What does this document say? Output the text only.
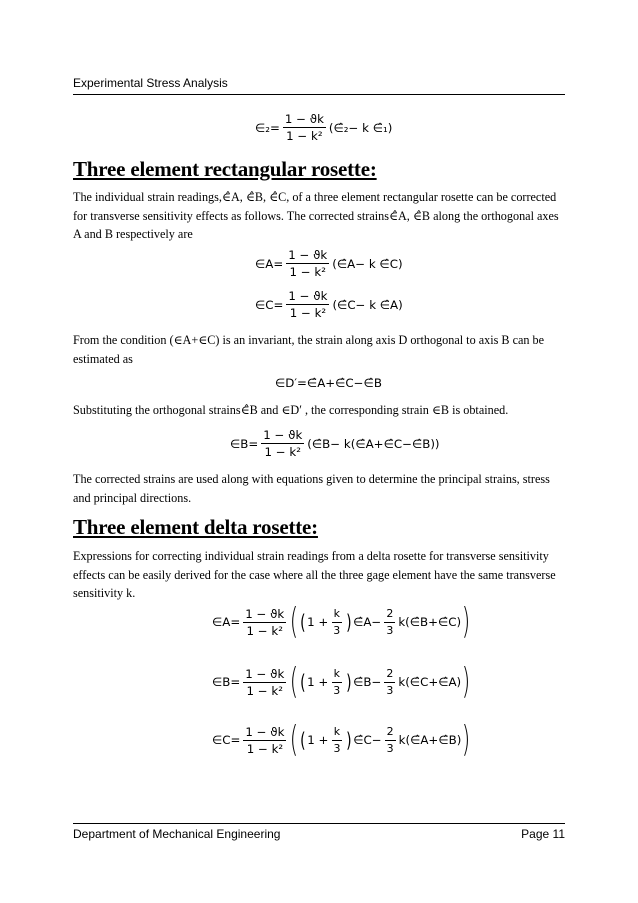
Experimental Stress Analysis
∈₂= $\frac{1 - ϑk}{\text{1 − k²}}$ (∈̂₂− k ∈̂₁)
Three element rectangular rosette:
The individual strain readings,∈̂A, ∈̂B, ∈̂C, of a three element rectangular rosette can be corrected for transverse sensitivity effects as follows. The corrected strains∈̂A, ∈̂B along the orthogonal axes A and B respectively are
∈A= $\frac{1 - ϑk}{\text{1 − k²}}$ (∈̂A− k ∈̂C)
∈C= $\frac{1 - ϑk}{\text{1 − k²}}$ (∈̂C− k ∈̂A)
From the condition (∈A+∈C) is an invariant, the strain along axis D orthogonal to axis B can be estimated as
∈D′=∈̂A+∈̂C−∈̂B
Substituting the orthogonal strains∈̂B and ∈D′ , the corresponding strain ∈B is obtained.
∈B= $\frac{1 - ϑk}{\text{1 − k²}}$ (∈̂B− k(∈̂A+∈̂C−∈̂B))
The corrected strains are used along with equations given to determine the principal strains, stress and principal directions.
Three element delta rosette:
Expressions for correcting individual strain readings from a delta rosette for transverse sensitivity effects can be easily derived for the case where all the three gage element have the same transverse sensitivity k.
∈A= $\frac{1 - ϑk}{\text{1 − k²}}$ ( ( $1 + \frac{k}{3}$ ) ∈̂A− $\frac{2}{3}$ k(∈̂B+∈̂C) )
∈B= $\frac{1 - ϑk}{\text{1 − k²}}$ ( ( $1 + \frac{k}{3}$ ) ∈̂B− $\frac{2}{3}$ k(∈̂C+∈̂A) )
∈C= $\frac{1 - ϑk}{\text{1 − k²}}$ ( ( $1 + \frac{k}{3}$ ) ∈̂C− $\frac{2}{3}$ k(∈̂A+∈̂B) )
Department of Mechanical Engineering	Page 11
